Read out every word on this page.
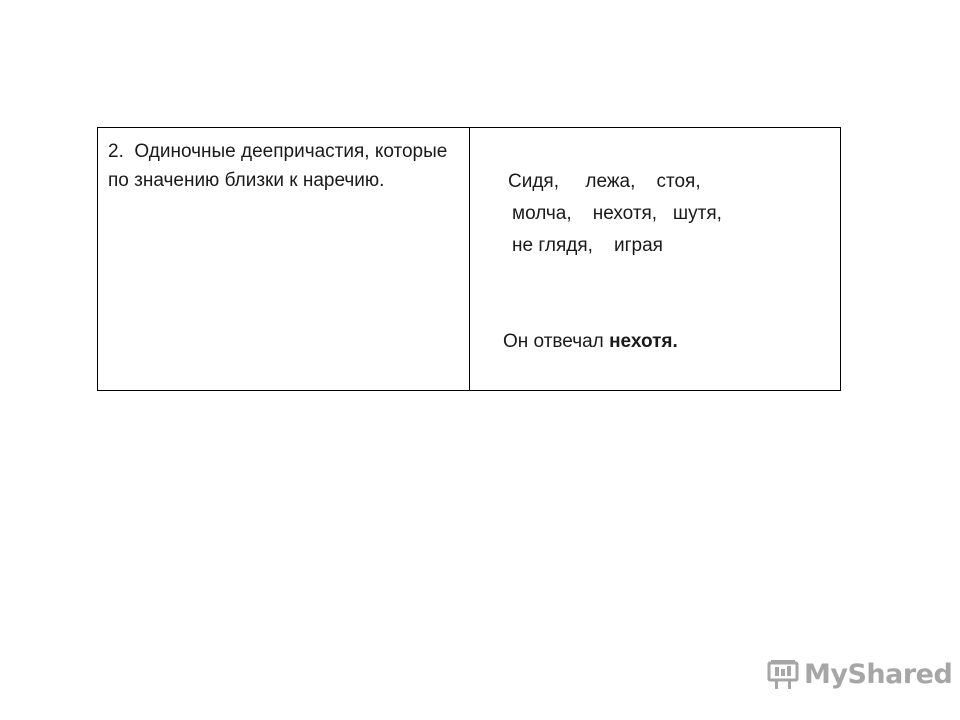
2.  Одиночные деепричастия, которые по значению близки к наречию.	Сидя,     лежа,    стоя,
молча,    нехотя,   шутя,
не глядя,    играя

Он отвечал нехотя.

MyShared
